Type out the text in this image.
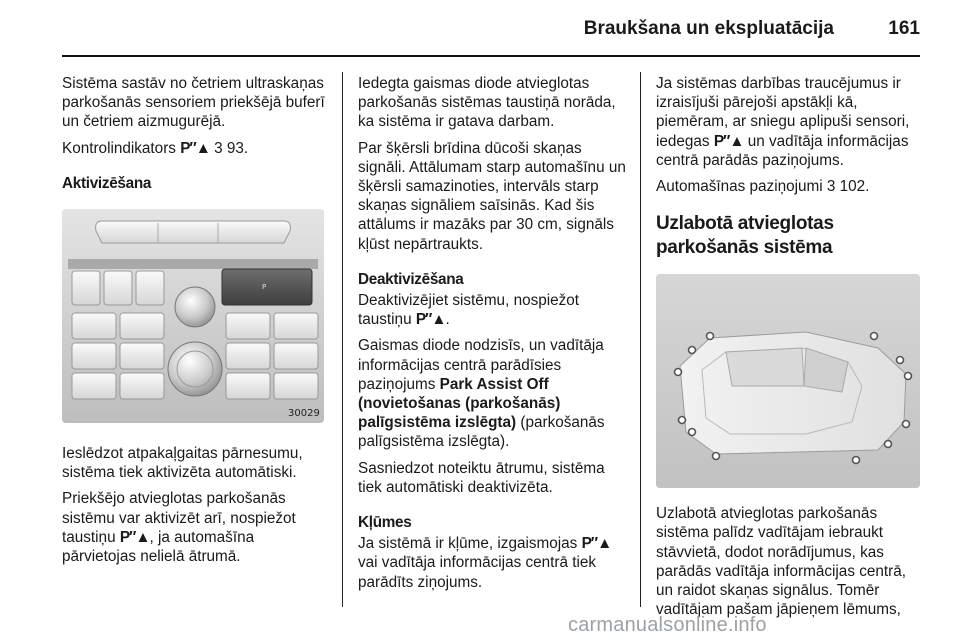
Braukšana un ekspluatācija	161

Sistēma sastāv no četriem ultraskaņas parkošanās sensoriem priekšējā buferī un četriem aizmugurējā.

Kontrolindikators P″▲ 3 93.

Aktivizēšana
P
30029

Ieslēdzot atpakaļgaitas pārnesumu, sistēma tiek aktivizēta automātiski.

Priekšējo atvieglotas parkošanās sistēmu var aktivizēt arī, nospiežot taustiņu P″▲, ja automašīna pārvietojas nelielā ātrumā.

Iedegta gaismas diode atvieglotas parkošanās sistēmas taustiņā norāda, ka sistēma ir gatava darbam.

Par šķērsli brīdina dūcoši skaņas signāli. Attālumam starp automašīnu un šķērsli samazinoties, intervāls starp skaņas signāliem saīsinās. Kad šis attālums ir mazāks par 30 cm, signāls kļūst nepārtraukts.

Deaktivizēšana

Deaktivizējiet sistēmu, nospiežot taustiņu P″▲.

Gaismas diode nodzisīs, un vadītāja informācijas centrā parādīsies paziņojums Park Assist Off (novietošanas (parkošanās) palīgsistēma izslēgta) (parkošanās palīgsistēma izslēgta).

Sasniedzot noteiktu ātrumu, sistēma tiek automātiski deaktivizēta.

Kļūmes

Ja sistēmā ir kļūme, izgaismojas P″▲ vai vadītāja informācijas centrā tiek parādīts ziņojums.

Ja sistēmas darbības traucējumus ir izraisījuši pārejoši apstākļi kā, piemēram, ar sniegu aplipuši sensori, iedegas P″▲ un vadītāja informācijas centrā parādās paziņojums.

Automašīnas paziņojumi 3 102.

Uzlabotā atvieglotas parkošanās sistēma

Uzlabotā atvieglotas parkošanās sistēma palīdz vadītājam iebraukt stāvvietā, dodot norādījumus, kas parādās vadītāja informācijas centrā, un raidot skaņas signālus. Tomēr vadītājam pašam jāpieņem lēmums,

carmanualsonline.info
